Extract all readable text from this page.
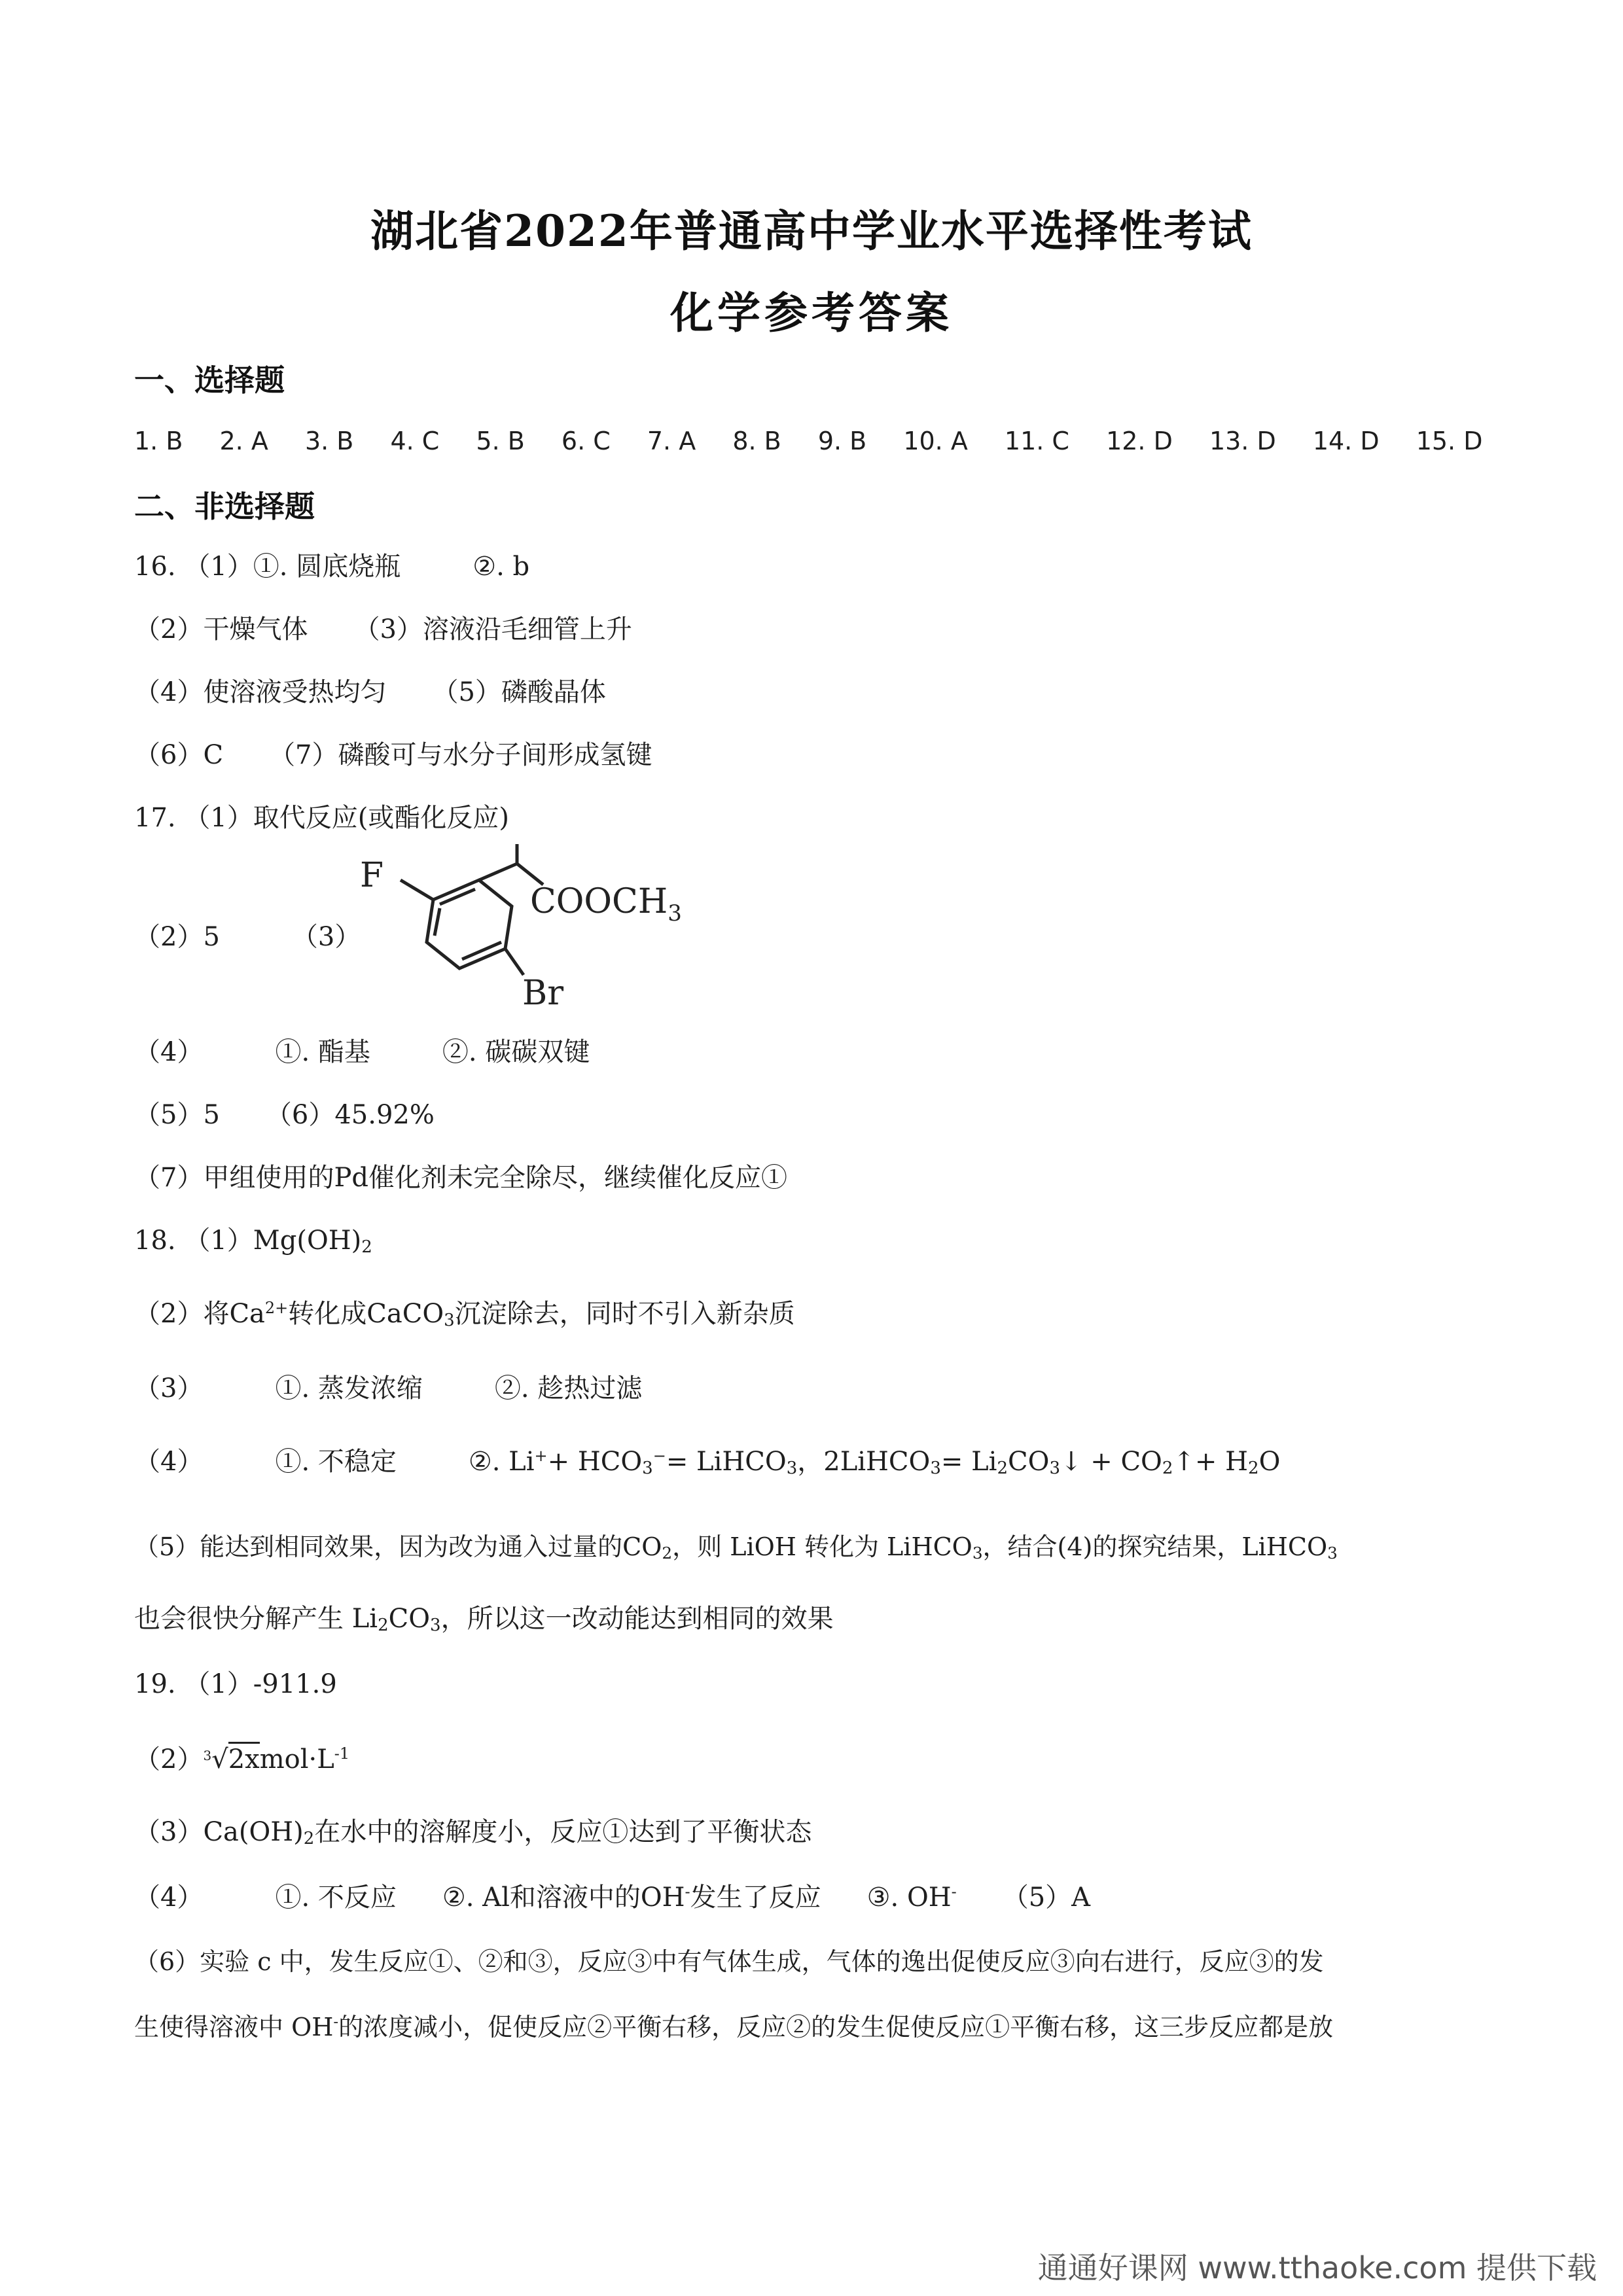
湖北省2022年普通高中学业水平选择性考试
化学参考答案
一、选择题
1. B 2. A 3. B 4. C 5. B 6. C 7. A 8. B 9. B 10. A 11. C 12. D 13. D 14. D 15. D
二、非选择题
16. （1）①. 圆底烧瓶	②. b
（2）干燥气体 （3）溶液沿毛细管上升
（4）使溶液受热均匀 （5）磷酸晶体
（6）C （7）磷酸可与水分子间形成氢键
17. （1）取代反应(或酯化反应)
（2）5	（3）
F
$COOCH_3$
Br
（4）	①. 酯基	②. 碳碳双键
（5）5 （6）45.92%
（7）甲组使用的Pd催化剂未完全除尽，继续催化反应①
18. （1）Mg(OH)2
（2）将Ca2+转化成CaCO3沉淀除去，同时不引入新杂质
（3）	①. 蒸发浓缩	②. 趁热过滤
（4）	①. 不稳定	②. Li++ HCO3−= LiHCO3，2LiHCO3= Li2CO3↓ + CO2↑+ H2O
（5）能达到相同效果，因为改为通入过量的CO2，则 LiOH 转化为 LiHCO3，结合(4)的探究结果，LiHCO3
也会很快分解产生 Li2CO3，所以这一改动能达到相同的效果
19. （1）-911.9
（2）3√2xmol·L-1
（3）Ca(OH)2在水中的溶解度小，反应①达到了平衡状态
（4）	①. 不反应 ②. Al和溶液中的OH-发生了反应 ③. OH- （5）A
（6）实验 c 中，发生反应①、②和③，反应③中有气体生成，气体的逸出促使反应③向右进行，反应③的发
生使得溶液中 OH-的浓度减小，促使反应②平衡右移，反应②的发生促使反应①平衡右移，这三步反应都是放
通通好课网 www.tthaoke.com 提供下载
